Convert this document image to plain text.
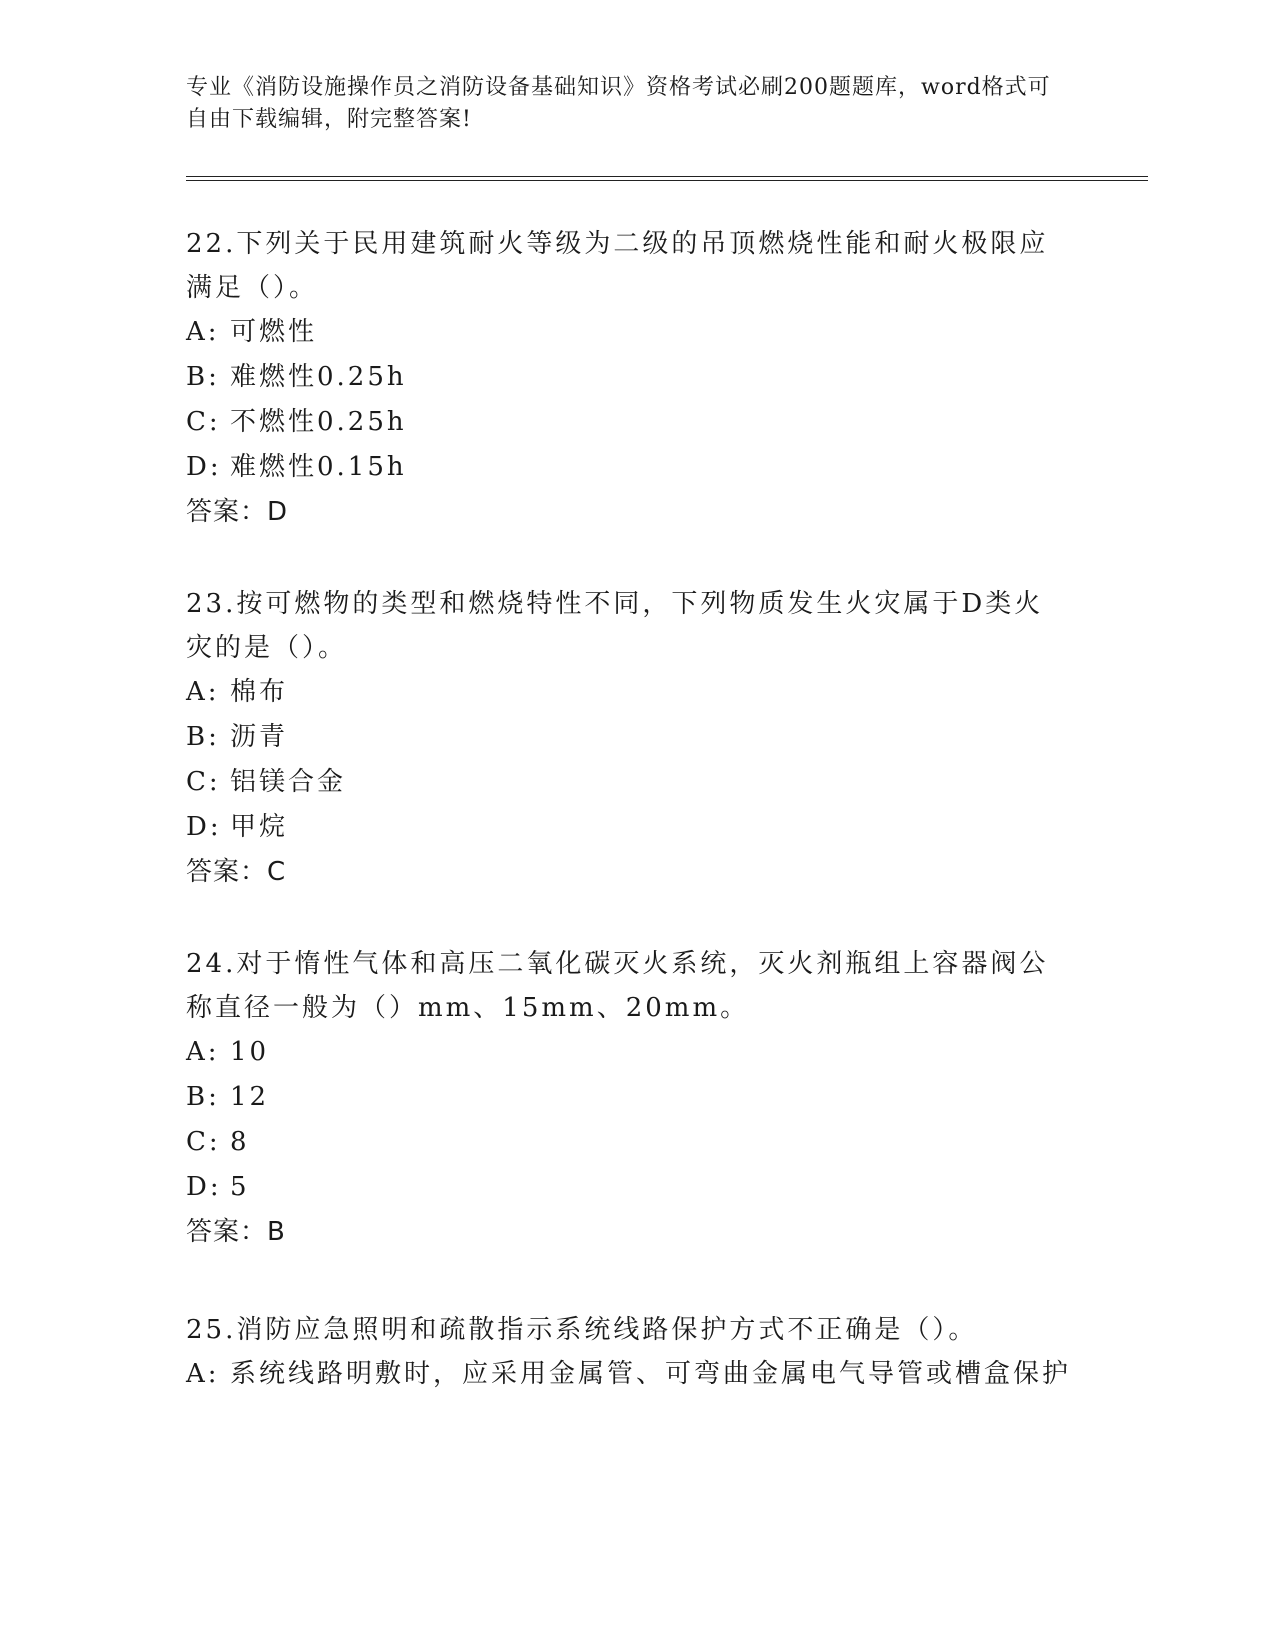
专业《消防设施操作员之消防设备基础知识》资格考试必刷200题题库，word格式可自由下载编辑，附完整答案!

22.下列关于民用建筑耐火等级为二级的吊顶燃烧性能和耐火极限应满足（）。

A: 可燃性

B: 难燃性0.25h

C: 不燃性0.25h

D: 难燃性0.15h

答案：D

23.按可燃物的类型和燃烧特性不同，下列物质发生火灾属于D类火灾的是（）。

A: 棉布

B: 沥青

C: 铝镁合金

D: 甲烷

答案：C

24.对于惰性气体和高压二氧化碳灭火系统，灭火剂瓶组上容器阀公称直径一般为（）mm、15mm、20mm。

A: 10

B: 12

C: 8

D: 5

答案：B

25.消防应急照明和疏散指示系统线路保护方式不正确是（）。

A: 系统线路明敷时，应采用金属管、可弯曲金属电气导管或槽盒保护
